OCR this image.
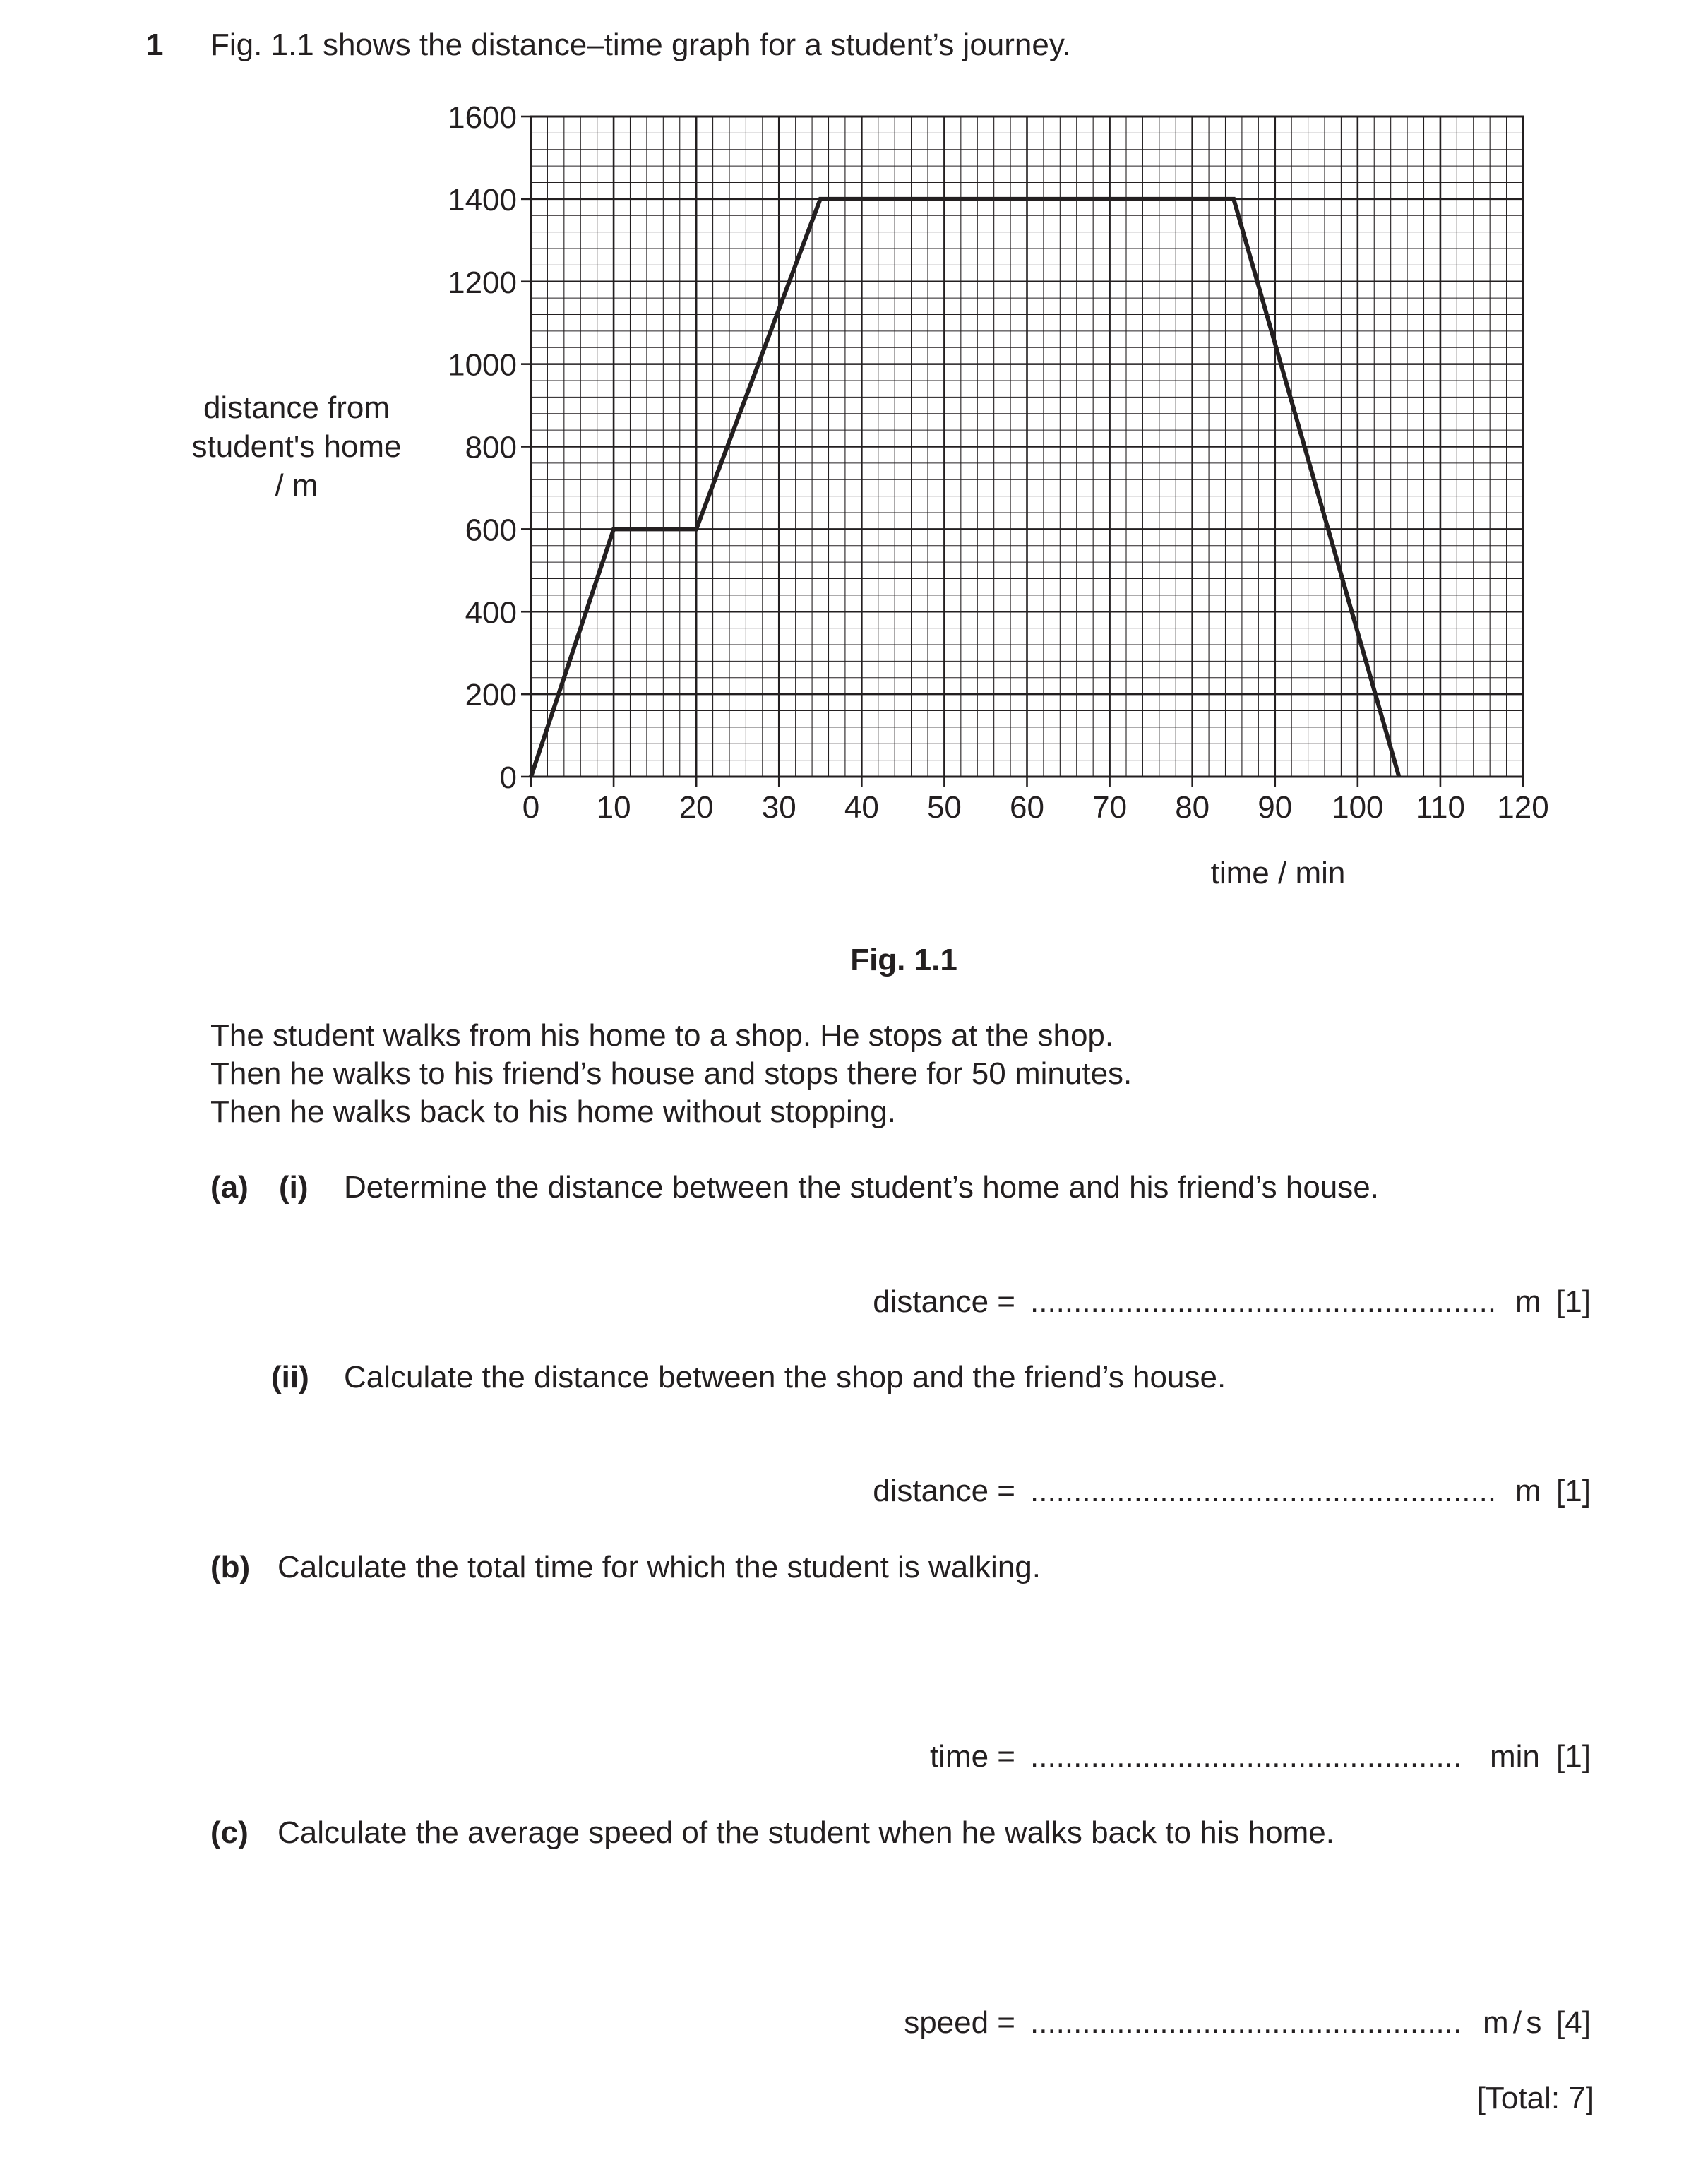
1 Fig. 1.1 shows the distance–time graph for a student’s journey.
0 10 20 30 40 50 60 70 80 90 100 110 120
0
200
400
600
800
1000
1200
1400
1600
distance from
student's home
/ m
time / min
Fig. 1.1
The student walks from his home to a shop. He stops at the shop.
Then he walks to his friend’s house and stops there for 50 minutes.
Then he walks back to his home without stopping.
(a) (i) Determine the distance between the student’s home and his friend’s house.
distance = ...................................................... m [1]
(ii) Calculate the distance between the shop and the friend’s house.
distance = ...................................................... m [1]
(b) Calculate the total time for which the student is walking.
time = .................................................. min [1]
(c) Calculate the average speed of the student when he walks back to his home.
speed = .................................................. m / s [4]
[Total: 7]
